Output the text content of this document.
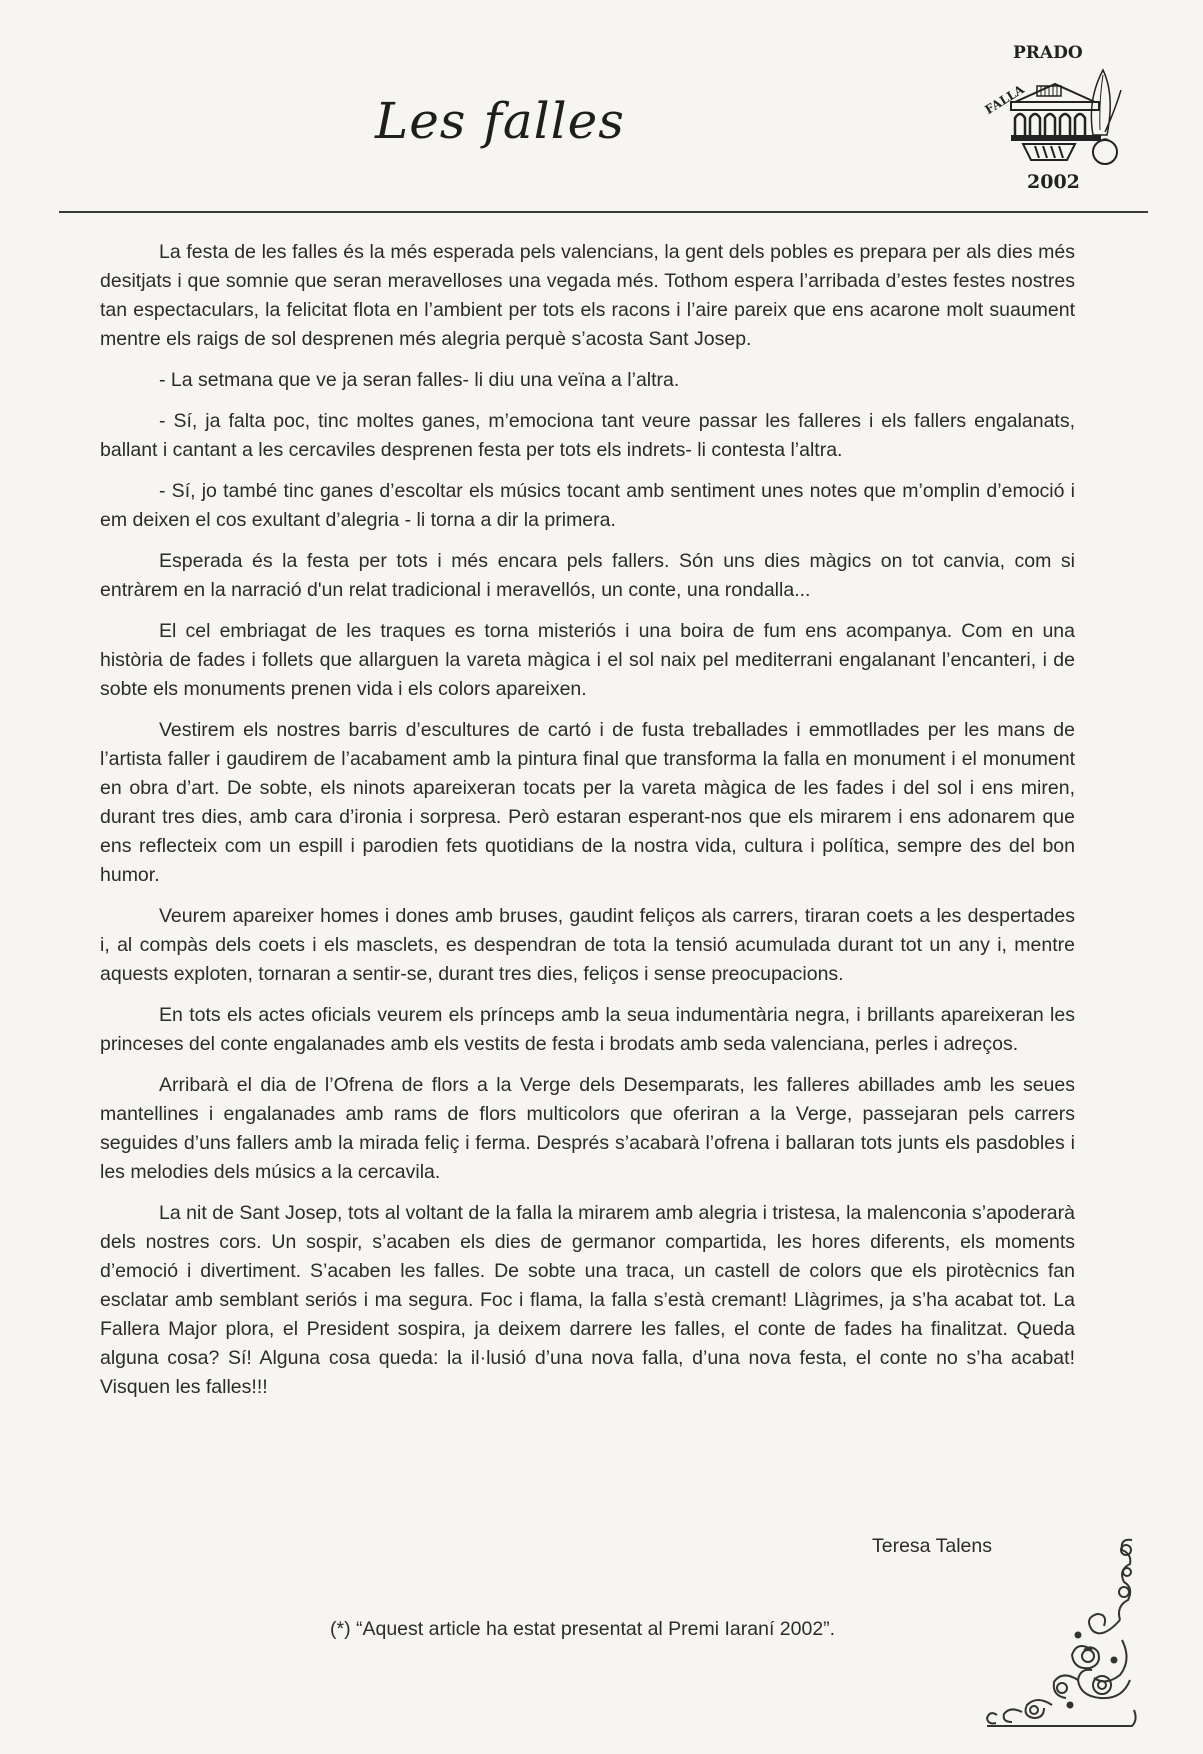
Les falles
PRADO
FALLA
2002

La festa de les falles és la més esperada pels valencians, la gent dels pobles es prepara per als dies més desitjats i que somnie que seran meravelloses una vegada més. Tothom espera l’arribada d’estes festes nostres tan espectaculars, la felicitat flota en l’ambient per tots els racons i l’aire pareix que ens acarone molt suaument mentre els raigs de sol desprenen més alegria perquè s’acosta Sant Josep.

- La setmana que ve ja seran falles- li diu una veïna a l’altra.

- Sí, ja falta poc, tinc moltes ganes, m’emociona tant veure passar les falleres i els fallers engalanats, ballant i cantant a les cercaviles desprenen festa per tots els indrets- li contesta l’altra.

- Sí, jo també tinc ganes d’escoltar els músics tocant amb sentiment unes notes que m’omplin d’emoció i em deixen el cos exultant d’alegria - li torna a dir la primera.

Esperada és la festa per tots i més encara pels fallers. Són uns dies màgics on tot canvia, com si entràrem en la narració d'un relat tradicional i meravellós, un conte, una rondalla...

El cel embriagat de les traques es torna misteriós i una boira de fum ens acompanya. Com en una història de fades i follets que allarguen la vareta màgica i el sol naix pel mediterrani engalanant l’encanteri, i de sobte els monuments prenen vida i els colors apareixen.

Vestirem els nostres barris d’escultures de cartó i de fusta treballades i emmotllades per les mans de l’artista faller i gaudirem de l’acabament amb la pintura final que transforma la falla en monument i el monument en obra d’art. De sobte, els ninots apareixeran tocats per la vareta màgica de les fades i del sol i ens miren, durant tres dies, amb cara d’ironia i sorpresa. Però estaran esperant-nos que els mirarem i ens adonarem que ens reflecteix com un espill i parodien fets quotidians de la nostra vida, cultura i política, sempre des del bon humor.

Veurem apareixer homes i dones amb bruses, gaudint feliços als carrers, tiraran coets a les despertades i, al compàs dels coets i els masclets, es despendran de tota la tensió acumulada durant tot un any i, mentre aquests exploten, tornaran a sentir-se, durant tres dies, feliços i sense preocupacions.

En tots els actes oficials veurem els prínceps amb la seua indumentària negra, i brillants apareixeran les princeses del conte engalanades amb els vestits de festa i brodats amb seda valenciana, perles i adreços.

Arribarà el dia de l’Ofrena de flors a la Verge dels Desemparats, les falleres abillades amb les seues mantellines i engalanades amb rams de flors multicolors que oferiran a la Verge, passejaran pels carrers seguides d’uns fallers amb la mirada feliç i ferma. Després s’acabarà l’ofrena i ballaran tots junts els pasdobles i les melodies dels músics a la cercavila.

La nit de Sant Josep, tots al voltant de la falla la mirarem amb alegria i tristesa, la malenconia s’apoderarà dels nostres cors. Un sospir, s’acaben els dies de germanor compartida, les hores diferents, els moments d’emoció i divertiment. S’acaben les falles. De sobte una traca, un castell de colors que els pirotècnics fan esclatar amb semblant seriós i ma segura. Foc i flama, la falla s’està cremant! Llàgrimes, ja s’ha acabat tot. La Fallera Major plora, el President sospira, ja deixem darrere les falles, el conte de fades ha finalitzat. Queda alguna cosa? Sí! Alguna cosa queda: la il·lusió d’una nova falla, d’una nova festa, el conte no s’ha acabat! Visquen les falles!!!

Teresa Talens
(*) “Aquest article ha estat presentat al Premi Iaraní 2002”.
